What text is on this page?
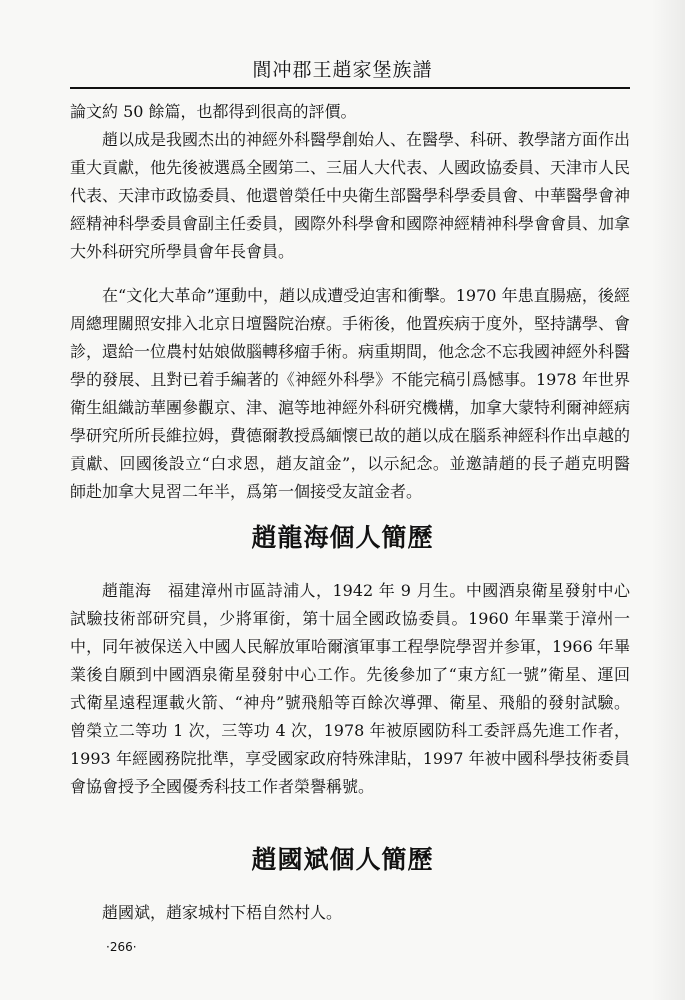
閬冲郡王趙家堡族譜

論文約 50 餘篇，也都得到很高的評價。

趙以成是我國杰出的神經外科醫學創始人、在醫學、科研、教學諸方面作出重大貢獻，他先後被選爲全國第二、三届人大代表、人國政協委員、天津市人民代表、天津市政協委員、他還曾榮任中央衛生部醫學科學委員會、中華醫學會神經精神科學委員會副主任委員，國際外科學會和國際神經精神科學會會員、加拿大外科研究所學員會年長會員。

在“文化大革命”運動中，趙以成遭受迫害和衝擊。1970 年患直腸癌，後經周總理關照安排入北京日壇醫院治療。手術後，他置疾病于度外，堅持講學、會診，還給一位農村姑娘做腦轉移瘤手術。病重期間，他念念不忘我國神經外科醫學的發展、且對已着手編著的《神經外科學》不能完稿引爲憾事。1978 年世界衛生組織訪華團參觀京、津、滬等地神經外科研究機構，加拿大蒙特利爾神經病學研究所所長維拉姆，費德爾教授爲緬懷已故的趙以成在腦系神經科作出卓越的貢獻、回國後設立“白求恩，趙友誼金”，以示紀念。並邀請趙的長子趙克明醫師赴加拿大見習二年半，爲第一個接受友誼金者。

趙龍海個人簡歷

趙龍海　福建漳州市區詩浦人，1942 年 9 月生。中國酒泉衛星發射中心試驗技術部研究員，少將軍銜，第十屆全國政協委員。1960 年畢業于漳州一中，同年被保送入中國人民解放軍哈爾濱軍事工程學院學習并参軍，1966 年畢業後自願到中國酒泉衛星發射中心工作。先後參加了“東方紅一號”衛星、運回式衛星遠程運載火箭、“神舟”號飛船等百餘次導彈、衛星、飛船的發射試驗。曾榮立二等功 1 次，三等功 4 次，1978 年被原國防科工委評爲先進工作者，1993 年經國務院批準，享受國家政府特殊津貼，1997 年被中國科學技術委員會協會授予全國優秀科技工作者榮譽稱號。

趙國斌個人簡歷

趙國斌，趙家城村下梧自然村人。

·266·
